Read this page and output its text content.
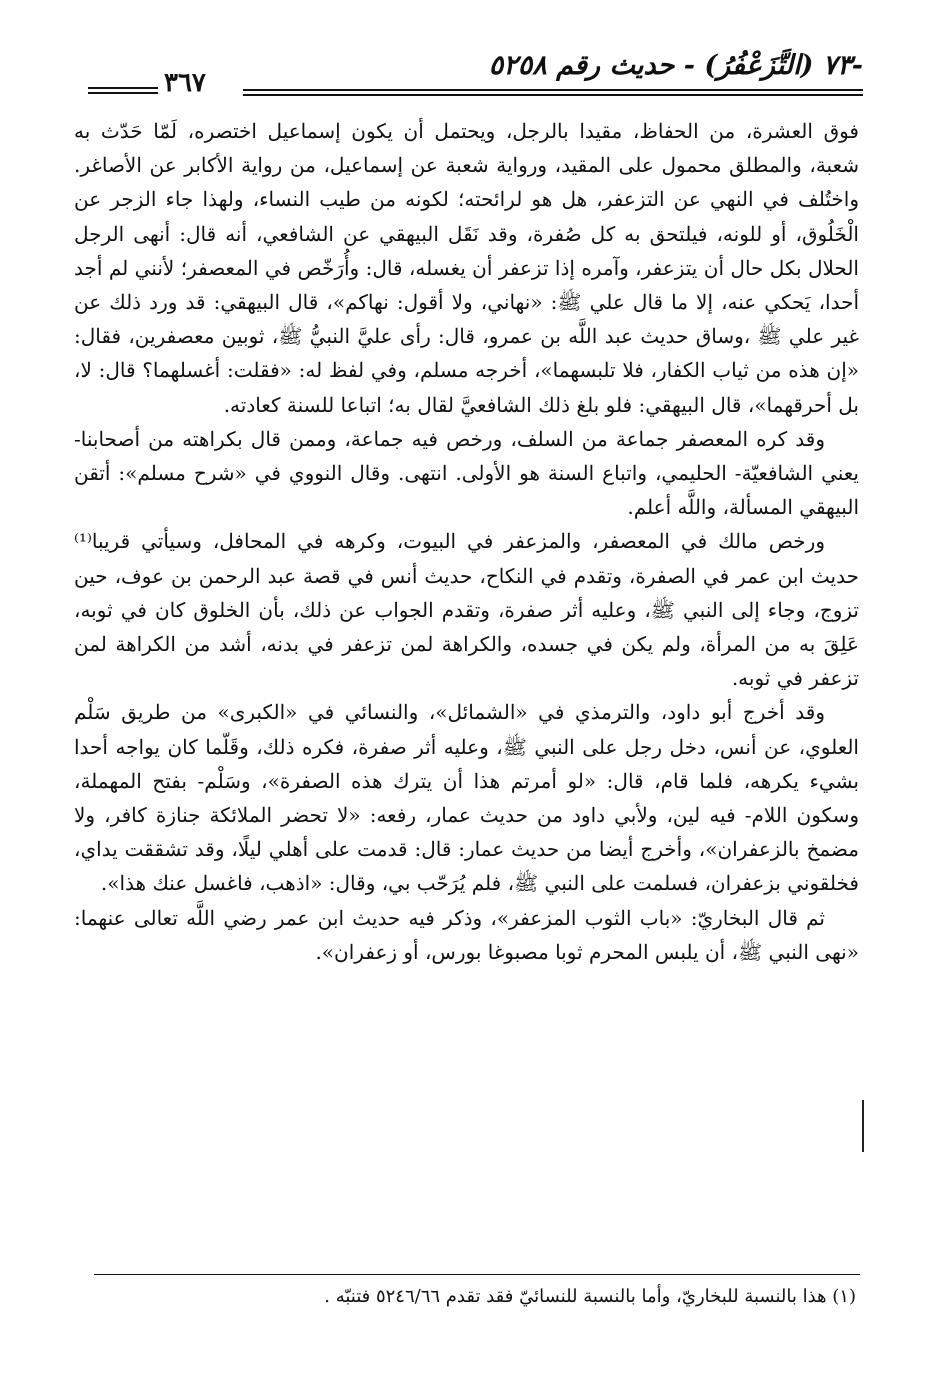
-٧٣ (التَّزَعْفُرُ) - حديث رقم ٥٢٥٨
٣٦٧

فوق العشرة، من الحفاظ، مقيدا بالرجل، ويحتمل أن يكون إسماعيل اختصره، لَمّا حَدّث به شعبة، والمطلق محمول على المقيد، ورواية شعبة عن إسماعيل، من رواية الأكابر عن الأصاغر. واختُلف في النهي عن التزعفر، هل هو لرائحته؛ لكونه من طيب النساء، ولهذا جاء الزجر عن الْخَلُوق، أو للونه، فيلتحق به كل صُفرة، وقد نَقَل البيهقي عن الشافعي، أنه قال: أنهى الرجل الحلال بكل حال أن يتزعفر، وآمره إذا تزعفر أن يغسله، قال: وأُرَخّص في المعصفر؛ لأنني لم أجد أحدا، يَحكي عنه، إلا ما قال علي ﷺ: «نهاني، ولا أقول: نهاكم»، قال البيهقي: قد ورد ذلك عن غير علي ﷺ ،وساق حديث عبد اللَّه بن عمرو، قال: رأى عليَّ النبيُّ ﷺ، ثوبين معصفرين، فقال: «إن هذه من ثياب الكفار، فلا تلبسهما»، أخرجه مسلم، وفي لفظ له: «فقلت: أغسلهما؟ قال: لا، بل أحرقهما»، قال البيهقي: فلو بلغ ذلك الشافعيَّ لقال به؛ اتباعا للسنة كعادته.

وقد كره المعصفر جماعة من السلف، ورخص فيه جماعة، وممن قال بكراهته من أصحابنا- يعني الشافعيّة- الحليمي، واتباع السنة هو الأولى. انتهى. وقال النووي في «شرح مسلم»: أتقن البيهقي المسألة، واللَّه أعلم.

ورخص مالك في المعصفر، والمزعفر في البيوت، وكرهه في المحافل، وسيأتي قريبا⁽¹⁾ حديث ابن عمر في الصفرة، وتقدم في النكاح، حديث أنس في قصة عبد الرحمن بن عوف، حين تزوج، وجاء إلى النبي ﷺ، وعليه أثر صفرة، وتقدم الجواب عن ذلك، بأن الخلوق كان في ثوبه، عَلِقَ به من المرأة، ولم يكن في جسده، والكراهة لمن تزعفر في بدنه، أشد من الكراهة لمن تزعفر في ثوبه.

وقد أخرج أبو داود، والترمذي في «الشمائل»، والنسائي في «الكبرى» من طريق سَلْم العلوي، عن أنس، دخل رجل على النبي ﷺ، وعليه أثر صفرة، فكره ذلك، وقَلّما كان يواجه أحدا بشيء يكرهه، فلما قام، قال: «لو أمرتم هذا أن يترك هذه الصفرة»، وسَلْم- بفتح المهملة، وسكون اللام- فيه لين، ولأبي داود من حديث عمار، رفعه: «لا تحضر الملائكة جنازة كافر، ولا مضمخ بالزعفران»، وأخرج أيضا من حديث عمار: قال: قدمت على أهلي ليلًا، وقد تشققت يداي، فخلقوني بزعفران، فسلمت على النبي ﷺ، فلم يُرَحّب بي، وقال: «اذهب، فاغسل عنك هذا».

ثم قال البخاريّ: «باب الثوب المزعفر»، وذكر فيه حديث ابن عمر رضي اللَّه تعالى عنهما: «نهى النبي ﷺ، أن يلبس المحرم ثوبا مصبوغا بورس، أو زعفران».

(١) هذا بالنسبة للبخاريّ، وأما بالنسبة للنسائيّ فقد تقدم ٥٢٤٦/٦٦ فتنبّه .
